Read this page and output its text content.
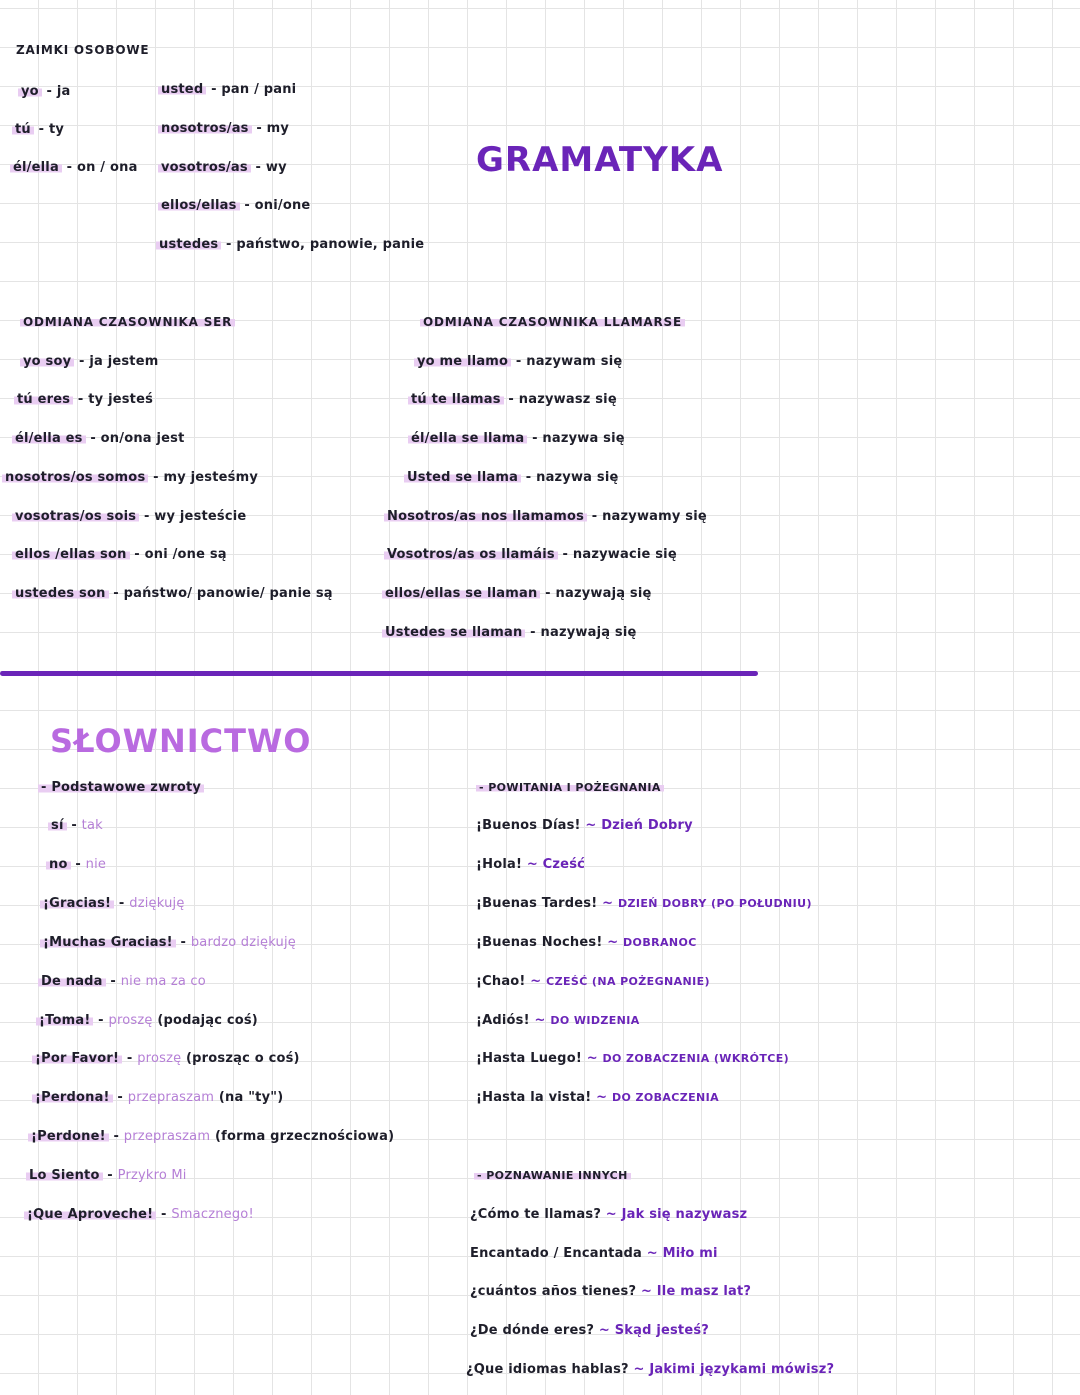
ZAIMKI OSOBOWE
yo - ja
tú - ty
él/ella - on / ona
usted - pan / pani
nosotros/as - my
vosotros/as - wy
ellos/ellas - oni/one
ustedes - państwo, panowie, panie
GRAMATYKA
ODMIANA CZASOWNIKA SER
yo soy - ja jestem
tú eres - ty jesteś
él/ella es - on/ona jest
nosotros/os somos - my jesteśmy
vosotras/os sois - wy jesteście
ellos /ellas son - oni /one są
ustedes son - państwo/ panowie/ panie są
ODMIANA CZASOWNIKA LLAMARSE
yo me llamo - nazywam się
tú te llamas - nazywasz się
él/ella se llama - nazywa się
Usted se llama - nazywa się
Nosotros/as nos llamamos - nazywamy się
Vosotros/as os llamáis - nazywacie się
ellos/ellas se llaman - nazywają się
Ustedes se llaman - nazywają się
SŁOWNICTWO
- Podstawowe zwroty
sí - tak
no - nie
¡Gracias! - dziękuję
¡Muchas Gracias! - bardzo dziękuję
De nada - nie ma za co
¡Toma! - proszę (podając coś)
¡Por Favor! - proszę (prosząc o coś)
¡Perdona! - przepraszam (na "ty")
¡Perdone! - przepraszam (forma grzecznościowa)
Lo Siento - Przykro Mi
¡Que Aproveche! - Smacznego!
- POWITANIA I POŻEGNANIA
¡Buenos Días! ~ Dzień Dobry
¡Hola! ~ Cześć
¡Buenas Tardes! ~ DZIEŃ DOBRY (PO POŁUDNIU)
¡Buenas Noches! ~ DOBRANOC
¡Chao! ~ CZEŚĆ (NA POŻEGNANIE)
¡Adiós! ~ DO WIDZENIA
¡Hasta Luego! ~ DO ZOBACZENIA (WKRÓTCE)
¡Hasta la vista! ~ DO ZOBACZENIA
- POZNAWANIE INNYCH
¿Cómo te llamas? ~ Jak się nazywasz
Encantado / Encantada ~ Miło mi
¿cuántos años tienes? ~ Ile masz lat?
¿De dónde eres? ~ Skąd jesteś?
¿Que idiomas hablas? ~ Jakimi językami mówisz?
